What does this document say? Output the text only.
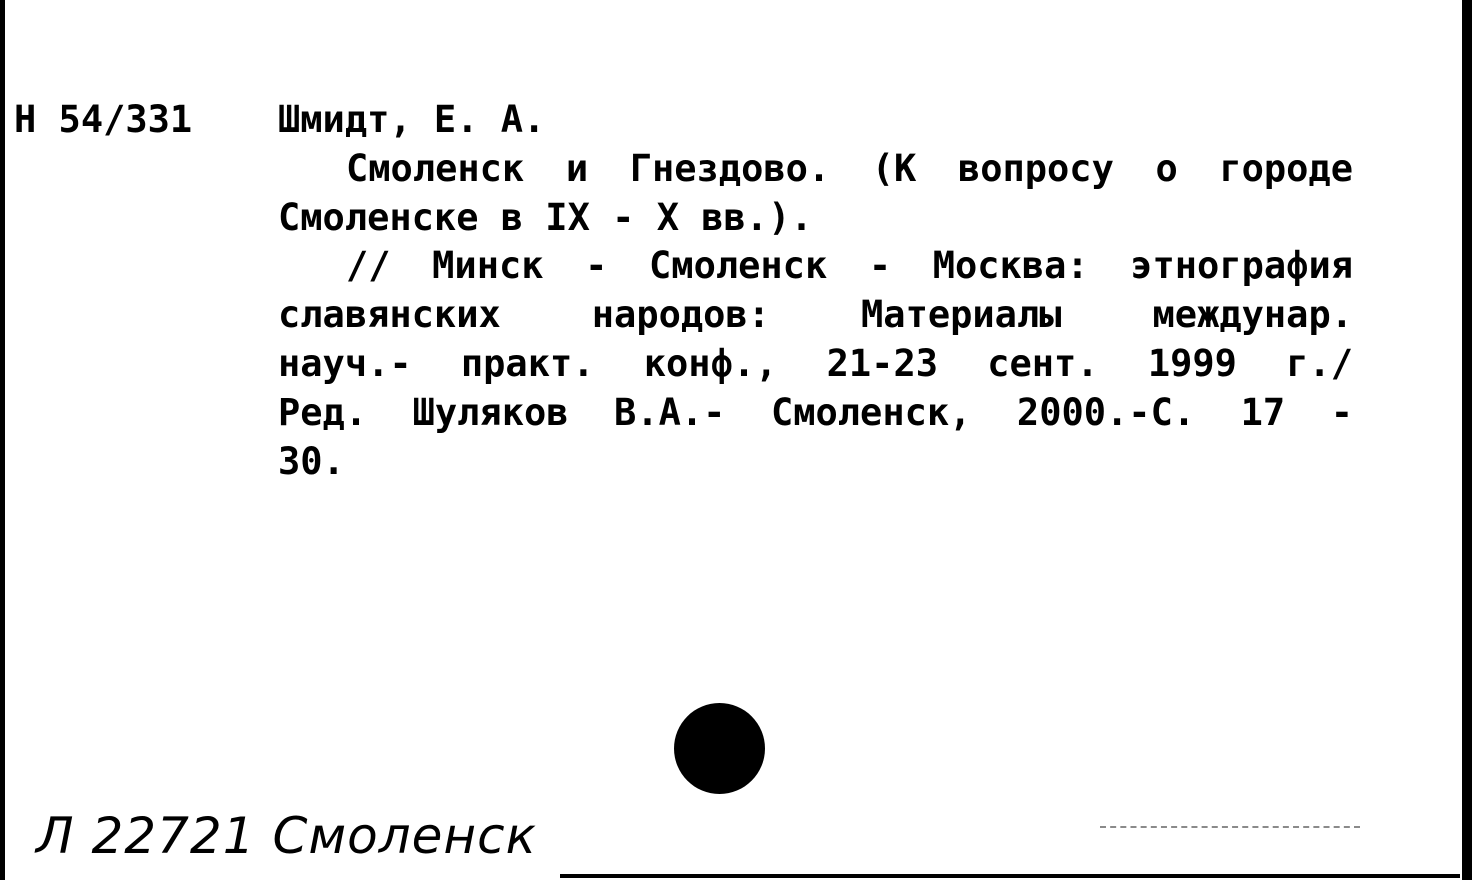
Н 54/331 Шмидт, Е. А.
Смоленск и Гнездово. (К вопросу о городе
Смоленске в IX - X вв.).
// Минск - Смоленск - Москва: этнография
славянских народов: Материалы междунар.
науч.- практ. конф., 21-23 сент. 1999 г./
Ред. Шуляков В.А.- Смоленск, 2000.-С. 17 -
30.
Л 22721 Смоленск
